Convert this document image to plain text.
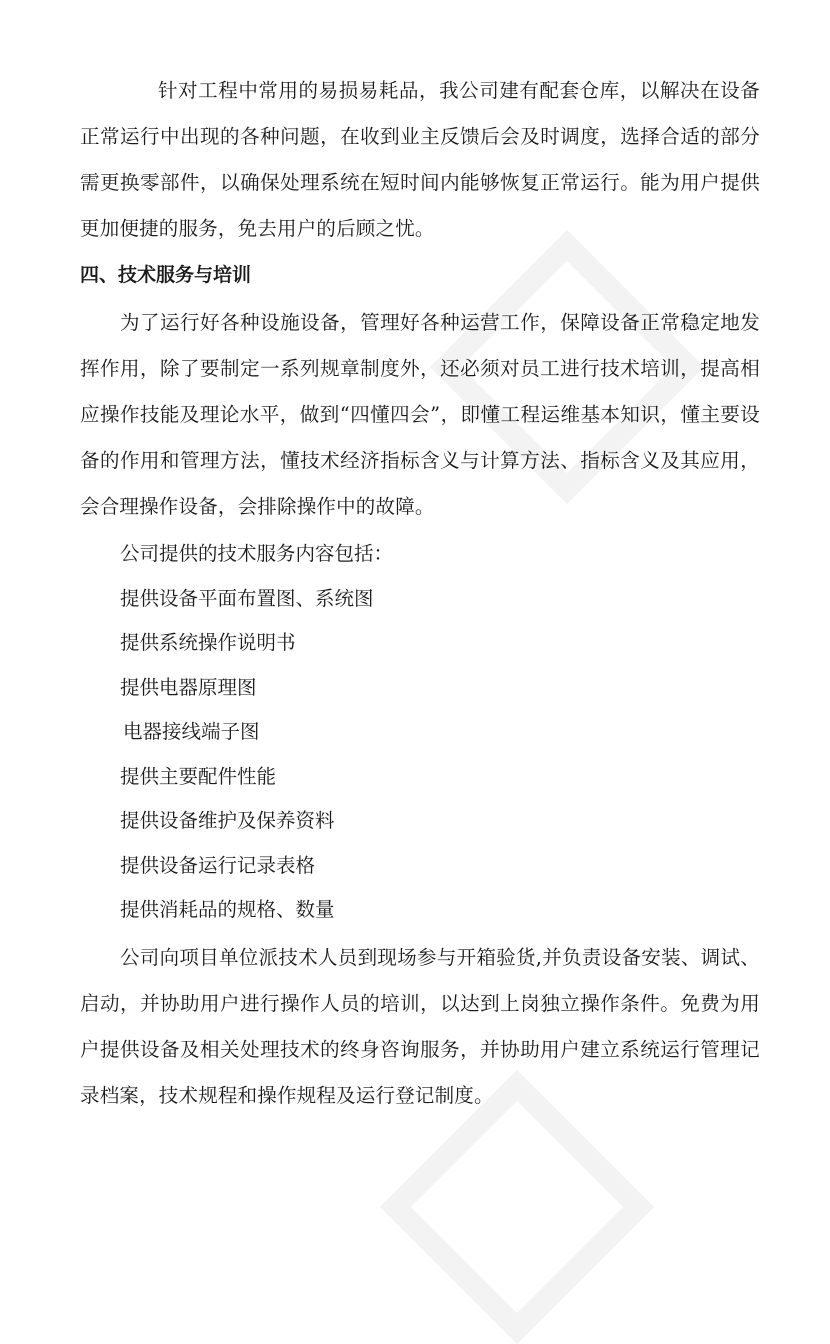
针对工程中常用的易损易耗品，我公司建有配套仓库，以解决在设备正常运行中出现的各种问题，在收到业主反馈后会及时调度，选择合适的部分需更换零部件，以确保处理系统在短时间内能够恢复正常运行。能为用户提供更加便捷的服务，免去用户的后顾之忧。

四、技术服务与培训

为了运行好各种设施设备，管理好各种运营工作，保障设备正常稳定地发挥作用，除了要制定一系列规章制度外，还必须对员工进行技术培训，提高相应操作技能及理论水平，做到“四懂四会”，即懂工程运维基本知识，懂主要设备的作用和管理方法，懂技术经济指标含义与计算方法、指标含义及其应用，会合理操作设备，会排除操作中的故障。

公司提供的技术服务内容包括：

提供设备平面布置图、系统图
提供系统操作说明书
提供电器原理图
电器接线端子图
提供主要配件性能
提供设备维护及保养资料
提供设备运行记录表格
提供消耗品的规格、数量

公司向项目单位派技术人员到现场参与开箱验货,并负责设备安装、调试、启动，并协助用户进行操作人员的培训，以达到上岗独立操作条件。免费为用户提供设备及相关处理技术的终身咨询服务，并协助用户建立系统运行管理记录档案，技术规程和操作规程及运行登记制度。
